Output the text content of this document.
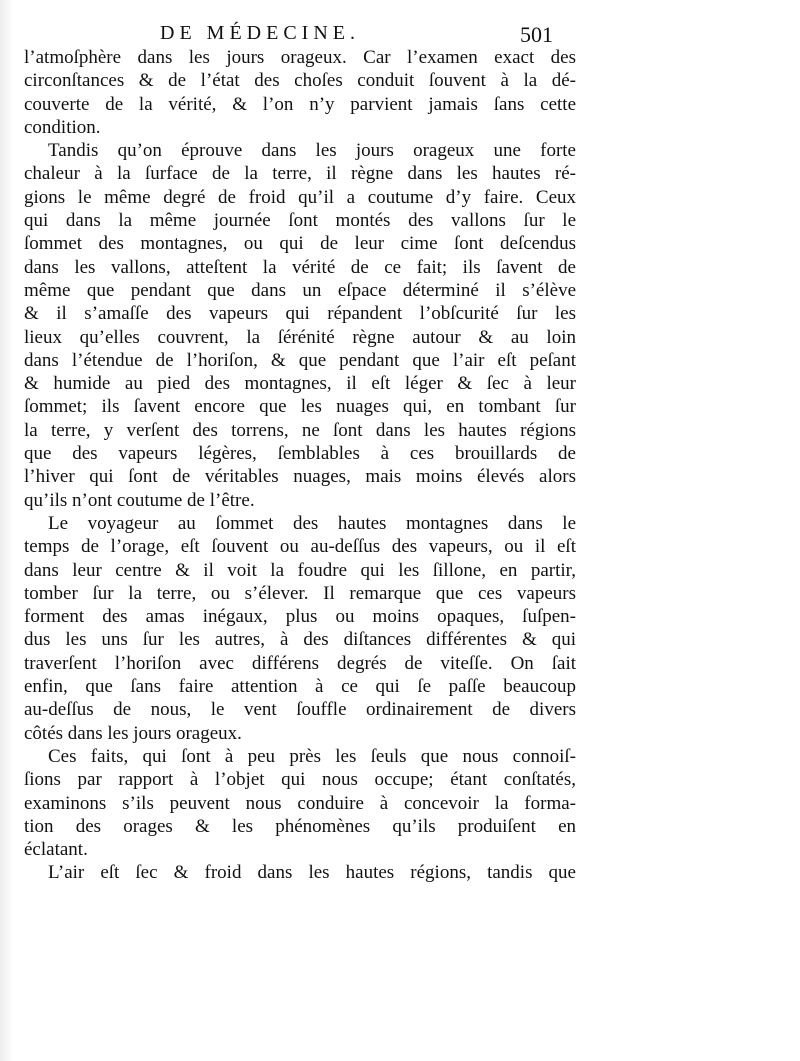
DE MÉDECINE.	501
l’atmoſphère dans les jours orageux. Car l’examen exact des
circonſtances & de l’état des choſes conduit ſouvent à la dé-
couverte de la vérité, & l’on n’y parvient jamais ſans cette
condition.
Tandis qu’on éprouve dans les jours orageux une forte
chaleur à la ſurface de la terre, il règne dans les hautes ré-
gions le même degré de froid qu’il a coutume d’y faire. Ceux
qui dans la même journée ſont montés des vallons ſur le
ſommet des montagnes, ou qui de leur cime ſont deſcendus
dans les vallons, atteſtent la vérité de ce fait; ils ſavent de
même que pendant que dans un eſpace déterminé il s’élève
& il s’amaſſe des vapeurs qui répandent l’obſcurité ſur les
lieux qu’elles couvrent, la ſérénité règne autour & au loin
dans l’étendue de l’horiſon, & que pendant que l’air eſt peſant
& humide au pied des montagnes, il eſt léger & ſec à leur
ſommet; ils ſavent encore que les nuages qui, en tombant ſur
la terre, y verſent des torrens, ne ſont dans les hautes régions
que des vapeurs légères, ſemblables à ces brouillards de
l’hiver qui ſont de véritables nuages, mais moins élevés alors
qu’ils n’ont coutume de l’être.
Le voyageur au ſommet des hautes montagnes dans le
temps de l’orage, eſt ſouvent ou au-deſſus des vapeurs, ou il eſt
dans leur centre & il voit la foudre qui les ſillone, en partir,
tomber ſur la terre, ou s’élever. Il remarque que ces vapeurs
forment des amas inégaux, plus ou moins opaques, ſuſpen-
dus les uns ſur les autres, à des diſtances différentes & qui
traverſent l’horiſon avec différens degrés de viteſſe. On ſait
enfin, que ſans faire attention à ce qui ſe paſſe beaucoup
au-deſſus de nous, le vent ſouffle ordinairement de divers
côtés dans les jours orageux.
Ces faits, qui ſont à peu près les ſeuls que nous connoiſ-
ſions par rapport à l’objet qui nous occupe; étant conſtatés,
examinons s’ils peuvent nous conduire à concevoir la forma-
tion des orages & les phénomènes qu’ils produiſent en
éclatant.
L’air eſt ſec & froid dans les hautes régions, tandis que
